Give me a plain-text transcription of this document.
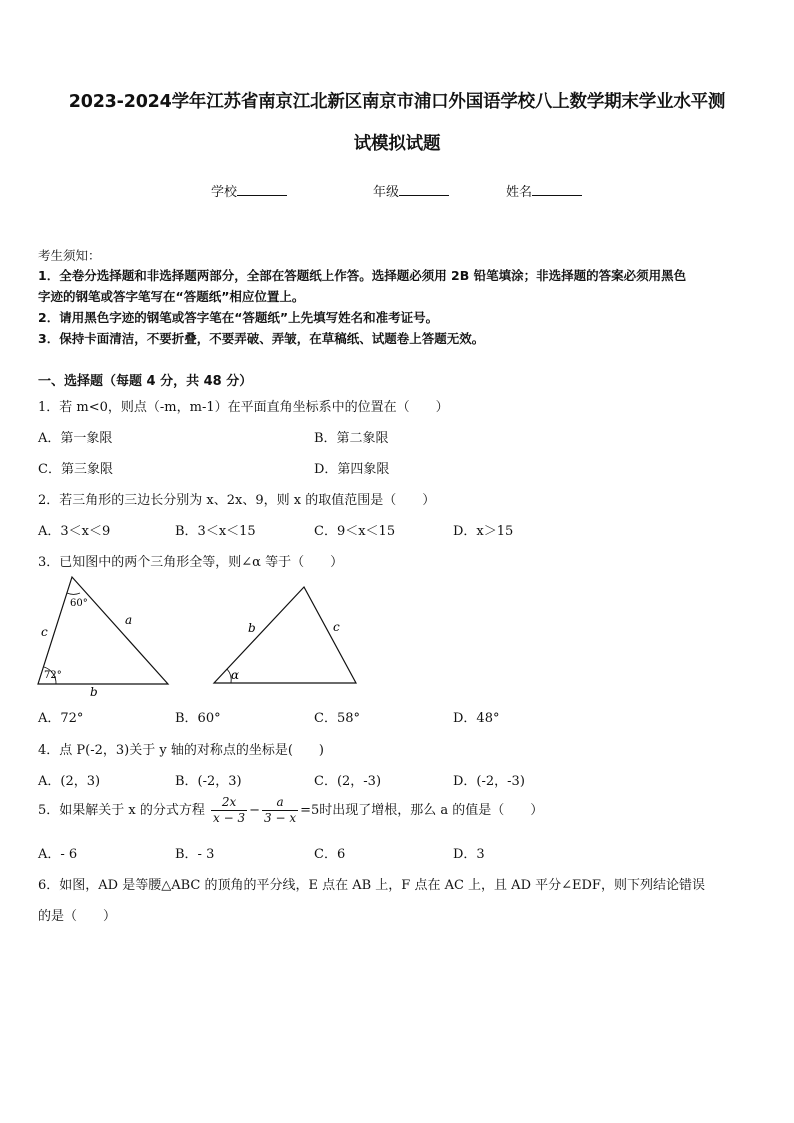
2023-2024学年江苏省南京江北新区南京市浦口外国语学校八上数学期末学业水平测
试模拟试题
学校	年级	姓名
考生须知：
1．全卷分选择题和非选择题两部分，全部在答题纸上作答。选择题必须用 2B 铅笔填涂；非选择题的答案必须用黑色
字迹的钢笔或答字笔写在“答题纸”相应位置上。
2．请用黑色字迹的钢笔或答字笔在“答题纸”上先填写姓名和准考证号。
3．保持卡面清洁，不要折叠，不要弄破、弄皱，在草稿纸、试题卷上答题无效。
一、选择题（每题 4 分，共 48 分）
1．若 m<0，则点（-m，m-1）在平面直角坐标系中的位置在（　　）
A．第一象限	B．第二象限
C．第三象限	D．第四象限
2．若三角形的三边长分别为 x、2x、9，则 x 的取值范围是（　　）
A．3＜x＜9	B．3＜x＜15	C．9＜x＜15	D．x＞15
3．已知图中的两个三角形全等，则∠α 等于（　　）
60°
72°
a
b
c	b	c
α
A．72°	B．60°	C．58°	D．48°
4．点 P(-2，3)关于 y 轴的对称点的坐标是(　　)
A．(2，3)	B．(-2，3)	C．(2，-3)	D．(-2，-3)
5．如果解关于 x 的分式方程 $\frac{2x}{x - 3} - \frac{a}{3 - x} =5$时出现了增根，那么 a 的值是（　　）
A．- 6	B．- 3	C．6	D．3
6．如图，AD 是等腰△ABC 的顶角的平分线，E 点在 AB 上，F 点在 AC 上，且 AD 平分∠EDF，则下列结论错误
的是（　　）
